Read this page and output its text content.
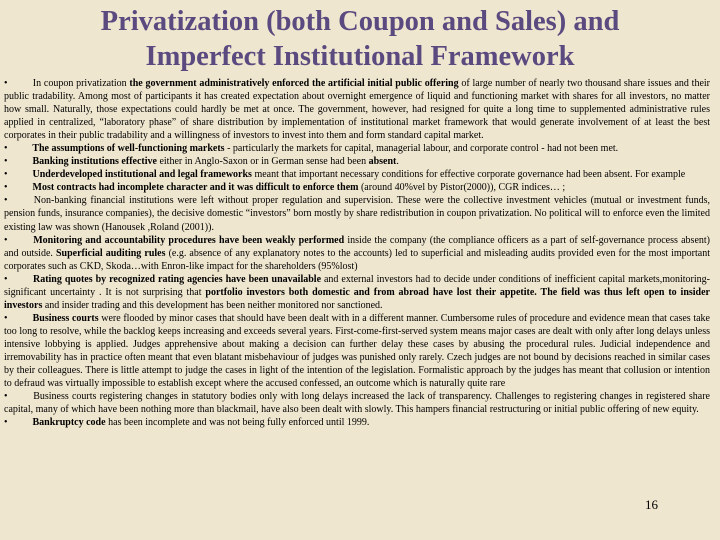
Privatization (both Coupon and Sales) and
Imperfect Institutional Framework

• In coupon privatization the government administratively enforced the artificial initial public offering of large number of nearly two thousand share issues and their public tradability. Among most of participants it has created expectation about overnight emergence of liquid and functioning market with shares for all investors, no matter how small. Naturally, those expectations could hardly be met at once. The government, however, had resigned for quite a long time to supplemented administrative rules applied in centralized, “laboratory phase” of share distribution by implementation of institutional market framework that would generate involvement of at least the best corporates in their public tradability and a willingness of investors to invest into them and form standard capital market.

• The assumptions of well-functioning markets - particularly the markets for capital, managerial labour, and corporate control - had not been met.

• Banking institutions effective either in Anglo-Saxon or in German sense had been absent.

• Underdeveloped institutional and legal frameworks meant that important necessary conditions for effective corporate governance had been absent. For example

• Most contracts had incomplete character and it was difficult to enforce them (around 40%vel by Pistor(2000)), CGR indices… ;

• Non-banking financial institutions were left without proper regulation and supervision. These were the collective investment vehicles (mutual or investment funds, pension funds, insurance companies), the decisive domestic “investors” born mostly by share redistribution in coupon privatization. No political will to enforce even the limited existing law was shown (Hanousek ,Roland (2001)).

• Monitoring and accountability procedures have been weakly performed inside the company (the compliance officers as a part of self-governance process absent) and outside. Superficial auditing rules (e.g. absence of any explanatory notes to the accounts) led to superficial and misleading audits provided even for the most important corporates such as CKD, Skoda…with Enron-like impact for the shareholders (95%lost)

• Rating quotes by recognized rating agencies have been unavailable and external investors had to decide under conditions of inefficient capital markets,monitoring- significant uncertainty . It is not surprising that portfolio investors both domestic and from abroad have lost their appetite. The field was thus left open to insider investors and insider trading and this development has been neither monitored nor sanctioned.

• Business courts were flooded by minor cases that should have been dealt with in a different manner. Cumbersome rules of procedure and evidence mean that cases take too long to resolve, while the backlog keeps increasing and exceeds several years. First-come-first-served system means major cases are dealt with only after long delays unless intensive lobbying is applied. Judges apprehensive about making a decision can further delay these cases by abusing the procedural rules. Judicial independence and irremovability has in practice often meant that even blatant misbehaviour of judges was punished only rarely. Czech judges are not bound by decisions reached in similar cases by their colleagues. There is little attempt to judge the cases in light of the intention of the legislation. Formalistic approach by the judges has meant that collusion or intention to defraud was virtually impossible to establish except where the accused confessed, an outcome which is naturally quite rare

• Business courts registering changes in statutory bodies only with long delays increased the lack of transparency. Challenges to registering changes in registered share capital, many of which have been nothing more than blackmail, have also been dealt with slowly. This hampers financial restructuring or initial public offering of new equity.

• Bankruptcy code has been incomplete and was not being fully enforced until 1999.

16
